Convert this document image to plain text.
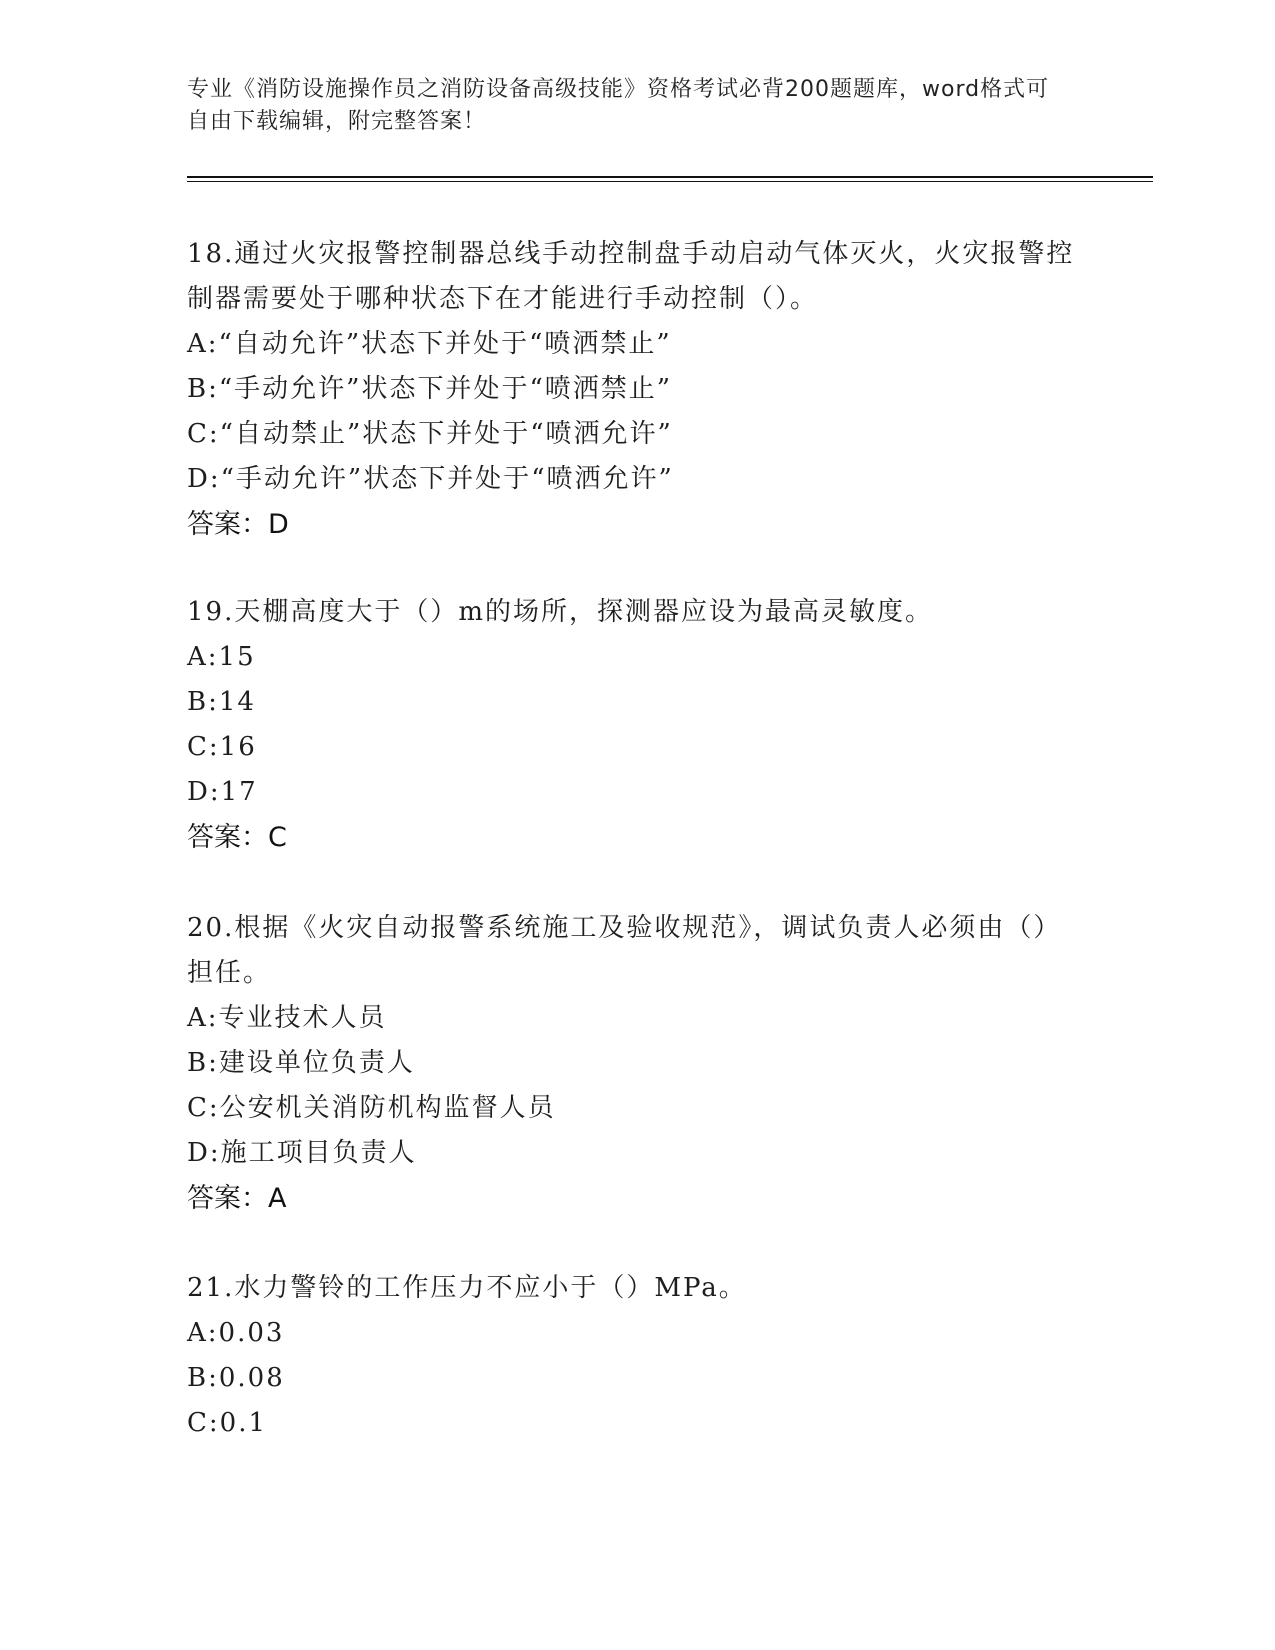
专业《消防设施操作员之消防设备高级技能》资格考试必背200题题库，word格式可自由下载编辑，附完整答案！
18.通过火灾报警控制器总线手动控制盘手动启动气体灭火，火灾报警控制器需要处于哪种状态下在才能进行手动控制（）。
A:“自动允许”状态下并处于“喷洒禁止”
B:“手动允许”状态下并处于“喷洒禁止”
C:“自动禁止”状态下并处于“喷洒允许”
D:“手动允许”状态下并处于“喷洒允许”
答案：D
19.天棚高度大于（）m的场所，探测器应设为最高灵敏度。
A:15
B:14
C:16
D:17
答案：C
20.根据《火灾自动报警系统施工及验收规范》，调试负责人必须由（）担任。
A:专业技术人员
B:建设单位负责人
C:公安机关消防机构监督人员
D:施工项目负责人
答案：A
21.水力警铃的工作压力不应小于（）MPa。
A:0.03
B:0.08
C:0.1
